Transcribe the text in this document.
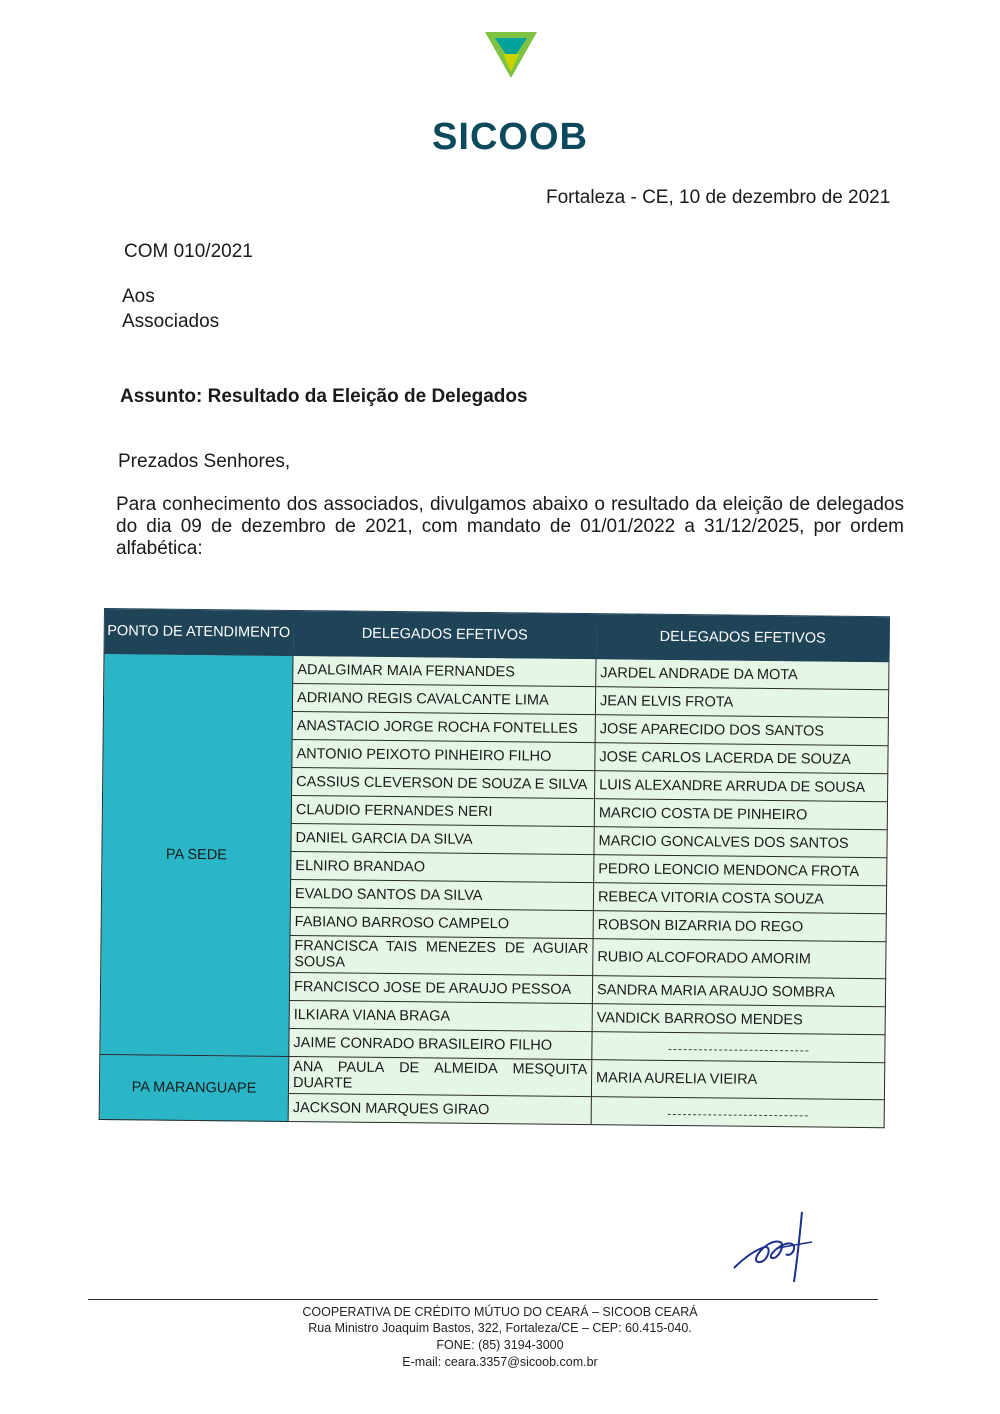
SICOOB
Fortaleza - CE, 10 de dezembro de 2021
COM 010/2021
Aos
Associados
Assunto: Resultado da Eleição de Delegados
Prezados Senhores,
Para conhecimento dos associados, divulgamos abaixo o resultado da eleição de delegados do dia 09 de dezembro de 2021, com mandato de 01/01/2022 a 31/12/2025, por ordem alfabética:
PONTO DE ATENDIMENTO	DELEGADOS EFETIVOS	DELEGADOS EFETIVOS
PA SEDE	ADALGIMAR MAIA FERNANDES	JARDEL ANDRADE DA MOTA
	ADRIANO REGIS CAVALCANTE LIMA	JEAN ELVIS FROTA
	ANASTACIO JORGE ROCHA FONTELLES	JOSE APARECIDO DOS SANTOS
	ANTONIO PEIXOTO PINHEIRO FILHO	JOSE CARLOS LACERDA DE SOUZA
	CASSIUS CLEVERSON DE SOUZA E SILVA	LUIS ALEXANDRE ARRUDA DE SOUSA
	CLAUDIO FERNANDES NERI	MARCIO COSTA DE PINHEIRO
	DANIEL GARCIA DA SILVA	MARCIO GONCALVES DOS SANTOS
	ELNIRO BRANDAO	PEDRO LEONCIO MENDONCA FROTA
	EVALDO SANTOS DA SILVA	REBECA VITORIA COSTA SOUZA
	FABIANO BARROSO CAMPELO	ROBSON BIZARRIA DO REGO
	FRANCISCA TAIS MENEZES DE AGUIAR SOUSA	RUBIO ALCOFORADO AMORIM
	FRANCISCO JOSE DE ARAUJO PESSOA	SANDRA MARIA ARAUJO SOMBRA
	ILKIARA VIANA BRAGA	VANDICK BARROSO MENDES
	JAIME CONRADO BRASILEIRO FILHO	

PA MARANGUAPE	ANA PAULA DE ALMEIDA MESQUITA DUARTE	MARIA AURELIA VIEIRA
	JACKSON MARQUES GIRAO	
COOPERATIVA DE CRÉDITO MÚTUO DO CEARÁ – SICOOB CEARÁ
Rua Ministro Joaquim Bastos, 322, Fortaleza/CE – CEP: 60.415-040.
FONE: (85) 3194-3000
E-mail: ceara.3357@sicoob.com.br
